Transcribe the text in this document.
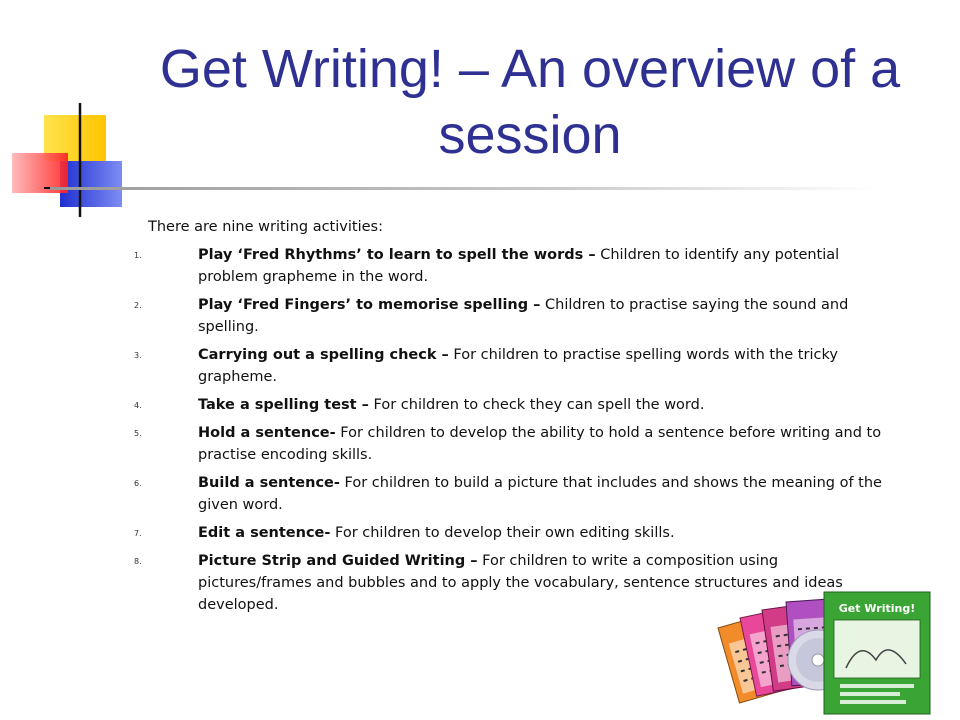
Get Writing! – An overview of a session

There are nine writing activities:

1.	Play ‘Fred Rhythms’ to learn to spell the words – Children to identify any potential problem grapheme in the word.
2.	Play ‘Fred Fingers’ to memorise spelling – Children to practise saying the sound and spelling.
3.	Carrying out a spelling check – For children to practise spelling words with the tricky grapheme.
4.	Take a spelling test – For children to check they can spell the word.
5.	Hold a sentence- For children to develop the ability to hold a sentence before writing and to practise encoding skills.
6.	Build a sentence- For children to build a picture that includes and shows the meaning of the given word.
7.	Edit a sentence- For children to develop their own editing skills.
8.	Picture Strip and Guided Writing – For children to write a composition using pictures/frames and bubbles and to apply the vocabulary, sentence structures and ideas developed.	Get Writing!
